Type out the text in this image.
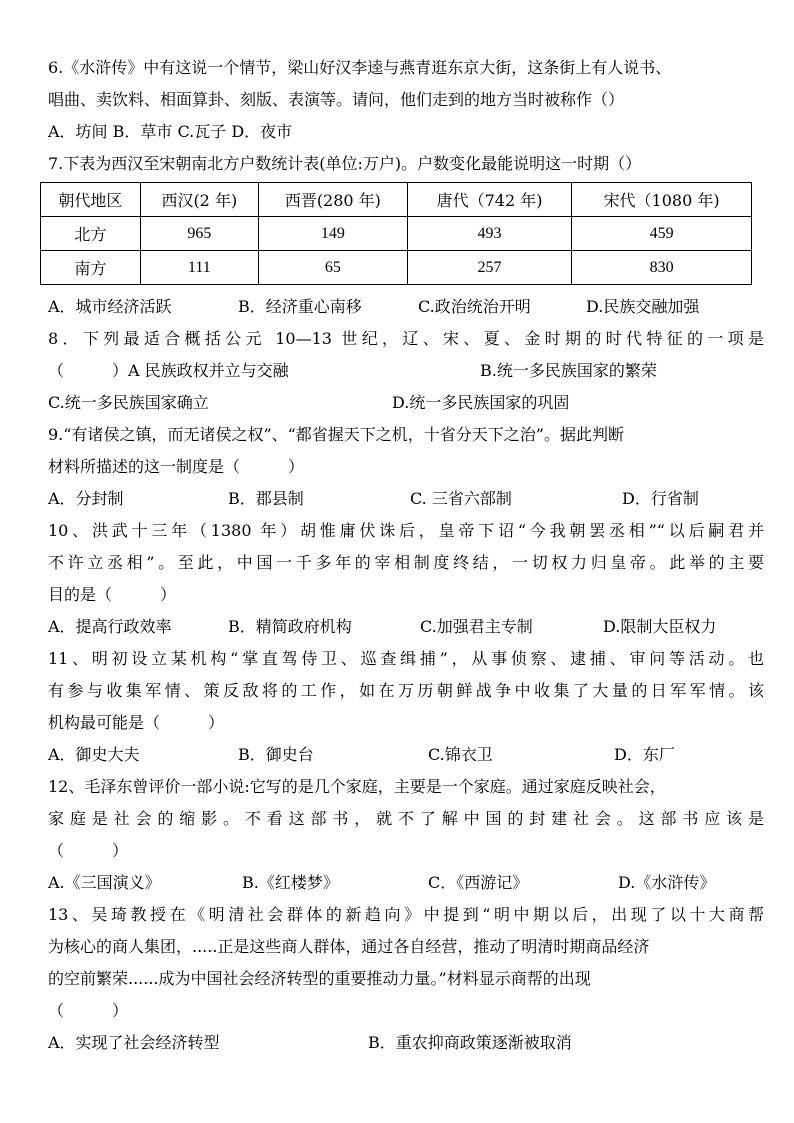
6.《水浒传》中有这说一个情节，梁山好汉李逵与燕青逛东京大街，这条街上有人说书、
唱曲、卖饮料、相面算卦、刻版、表演等。请问，他们走到的地方当时被称作（）
A．坊间 B．草市 C.瓦子 D．夜市
7.下表为西汉至宋朝南北方户数统计表(单位:万户)。户数变化最能说明这一时期（）
朝代地区	西汉(2 年)	西晋(280 年)	唐代（742 年)	宋代（1080 年)
北方	965	149	493	459
南方	111	65	257	830
A．城市经济活跃	B．经济重心南移	C.政治统治开明	D.民族交融加强
8．下列最适合概括公元 10—13 世纪，辽、宋、夏、金时期的时代特征的一项是
（　　　）A 民族政权并立与交融	B.统一多民族国家的繁荣
C.统一多民族国家确立	D.统一多民族国家的巩固
9.“有诸侯之镇，而无诸侯之权”、“都省握天下之机，十省分天下之治”。据此判断
材料所描述的这一制度是（　　　）
A．分封制	B．郡县制	C. 三省六部制	D．行省制
10、洪武十三年（1380 年）胡惟庸伏诛后，皇帝下诏“今我朝罢丞相”“以后嗣君并
不许立丞相”。至此，中国一千多年的宰相制度终结，一切权力归皇帝。此举的主要
目的是（　　　）
A．提高行政效率	B．精简政府机构	C.加强君主专制	D.限制大臣权力
11、明初设立某机构“掌直驾侍卫、巡查缉捕”，从事侦察、逮捕、审问等活动。也
有参与收集军情、策反敌将的工作，如在万历朝鲜战争中收集了大量的日军军情。该
机构最可能是（　　　）
A．御史大夫	B．御史台	C.锦衣卫	D．东厂
12、毛泽东曾评价一部小说:它写的是几个家庭，主要是一个家庭。通过家庭反映社会，
家庭是社会的缩影。不看这部书，就不了解中国的封建社会。这部书应该是
（　　　）
A.《三国演义》	B.《红楼梦》	C．《西游记》	D.《水浒传》
13、吴琦教授在《明清社会群体的新趋向》中提到“明中期以后，出现了以十大商帮
为核心的商人集团，.....正是这些商人群体，通过各自经营，推动了明清时期商品经济
的空前繁荣......成为中国社会经济转型的重要推动力量。”材料显示商帮的出现
（　　　）
A．实现了社会经济转型	B．重农抑商政策逐渐被取消
